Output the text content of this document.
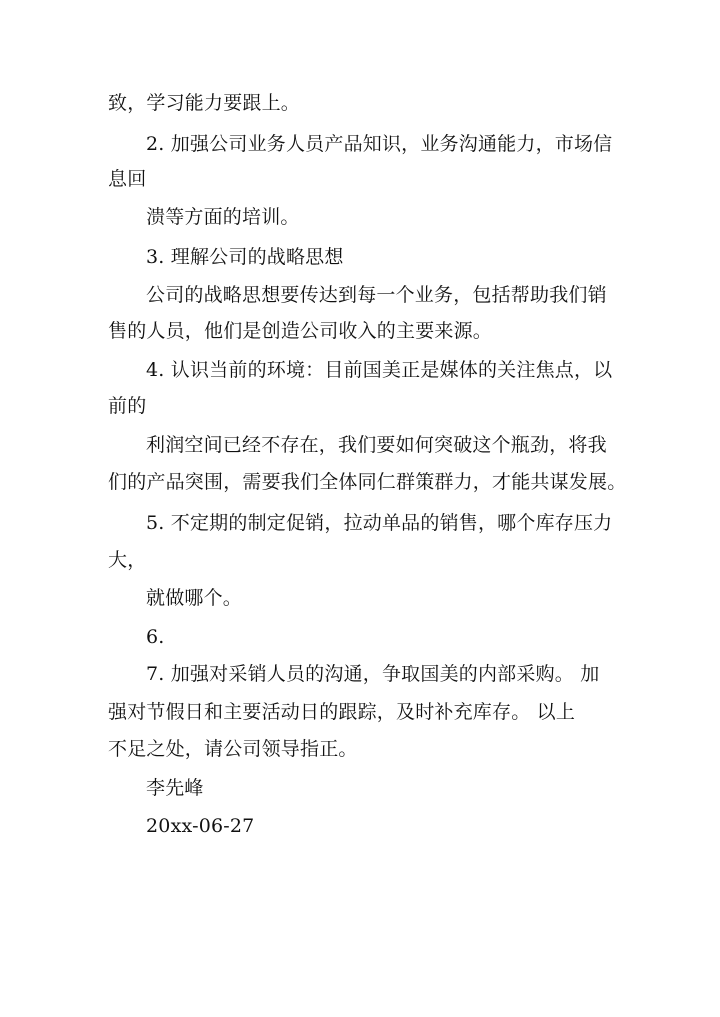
致，学习能力要跟上。
2. 加强公司业务人员产品知识，业务沟通能力，市场信
息回
溃等方面的培训。
3. 理解公司的战略思想
公司的战略思想要传达到每一个业务，包括帮助我们销
售的人员，他们是创造公司收入的主要来源。
4. 认识当前的环境：目前国美正是媒体的关注焦点，以
前的
利润空间已经不存在，我们要如何突破这个瓶劲，将我
们的产品突围，需要我们全体同仁群策群力，才能共谋发展。
5. 不定期的制定促销，拉动单品的销售，哪个库存压力
大，
就做哪个。
6.
7. 加强对采销人员的沟通，争取国美的内部采购。 加
强对节假日和主要活动日的跟踪，及时补充库存。 以上
不足之处，请公司领导指正。
李先峰
20xx-06-27
